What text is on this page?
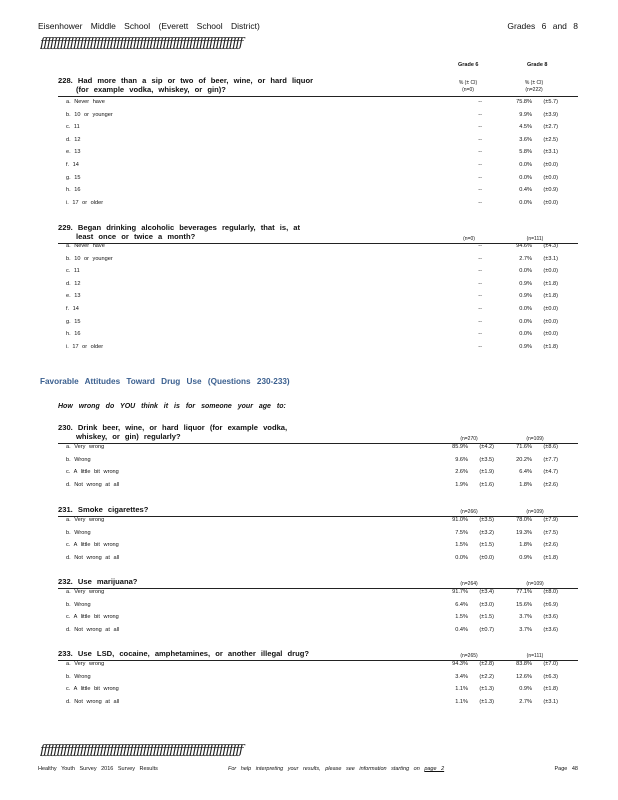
Eisenhower Middle School (Everett School District)	Grades 6 and 8
ƒƒƒƒƒƒƒƒƒƒƒƒƒƒƒƒƒƒƒƒƒƒƒƒƒƒƒƒƒƒƒƒƒƒƒƒƒƒƒƒƒƒƒƒƒƒƒƒƒƒƒƒƒƒƒƒƒƒƒƒƒ
Grade 6	Grade 8
% (± CI)
(n=0)
% (± CI)
(n=222)
228. Had more than a sip or two of beer, wine, or hard liquor
(for example vodka, whiskey, or gin)?
a. Never have	--	75.8%	(±5.7)
b. 10 or younger	--	9.9%	(±3.9)
c. 11	--	4.5%	(±2.7)
d. 12	--	3.6%	(±2.5)
e. 13	--	5.8%	(±3.1)
f. 14	--	0.0%	(±0.0)
g. 15	--	0.0%	(±0.0)
h. 16	--	0.4%	(±0.9)
i. 17 or older	--	0.0%	(±0.0)
229. Began drinking alcoholic beverages regularly, that is, at
least once or twice a month?	(n=0)	(n=111)
a. Never have	--	94.6%	(±4.3)
b. 10 or younger	--	2.7%	(±3.1)
c. 11	--	0.0%	(±0.0)
d. 12	--	0.9%	(±1.8)
e. 13	--	0.9%	(±1.8)
f. 14	--	0.0%	(±0.0)
g. 15	--	0.0%	(±0.0)
h. 16	--	0.0%	(±0.0)
i. 17 or older	--	0.9%	(±1.8)
Favorable Attitudes Toward Drug Use (Questions 230-233)
How wrong do YOU think it is for someone your age to:
230. Drink beer, wine, or hard liquor (for example vodka,
whiskey, or gin) regularly?	(n=270)	(n=109)
a. Very wrong	85.9%	(±4.2)	71.6%	(±8.6)
b. Wrong	9.6%	(±3.5)	20.2%	(±7.7)
c. A little bit wrong	2.6%	(±1.9)	6.4%	(±4.7)
d. Not wrong at all	1.9%	(±1.6)	1.8%	(±2.6)
231. Smoke cigarettes?	(n=266)	(n=109)
a. Very wrong	91.0%	(±3.5)	78.0%	(±7.9)
b. Wrong	7.5%	(±3.2)	19.3%	(±7.5)
c. A little bit wrong	1.5%	(±1.5)	1.8%	(±2.6)
d. Not wrong at all	0.0%	(±0.0)	0.9%	(±1.8)
232. Use marijuana?	(n=264)	(n=109)
a. Very wrong	91.7%	(±3.4)	77.1%	(±8.0)
b. Wrong	6.4%	(±3.0)	15.6%	(±6.9)
c. A little bit wrong	1.5%	(±1.5)	3.7%	(±3.6)
d. Not wrong at all	0.4%	(±0.7)	3.7%	(±3.6)
233. Use LSD, cocaine, amphetamines, or another illegal drug?	(n=265)	(n=111)
a. Very wrong	94.3%	(±2.8)	83.8%	(±7.0)
b. Wrong	3.4%	(±2.2)	12.6%	(±6.3)
c. A little bit wrong	1.1%	(±1.3)	0.9%	(±1.8)
d. Not wrong at all	1.1%	(±1.3)	2.7%	(±3.1)
ƒƒƒƒƒƒƒƒƒƒƒƒƒƒƒƒƒƒƒƒƒƒƒƒƒƒƒƒƒƒƒƒƒƒƒƒƒƒƒƒƒƒƒƒƒƒƒƒƒƒƒƒƒƒƒƒƒƒƒƒƒ
Healthy Youth Survey 2016 Survey Results	For help interpreting your results, please see information starting on page 2	Page 48
